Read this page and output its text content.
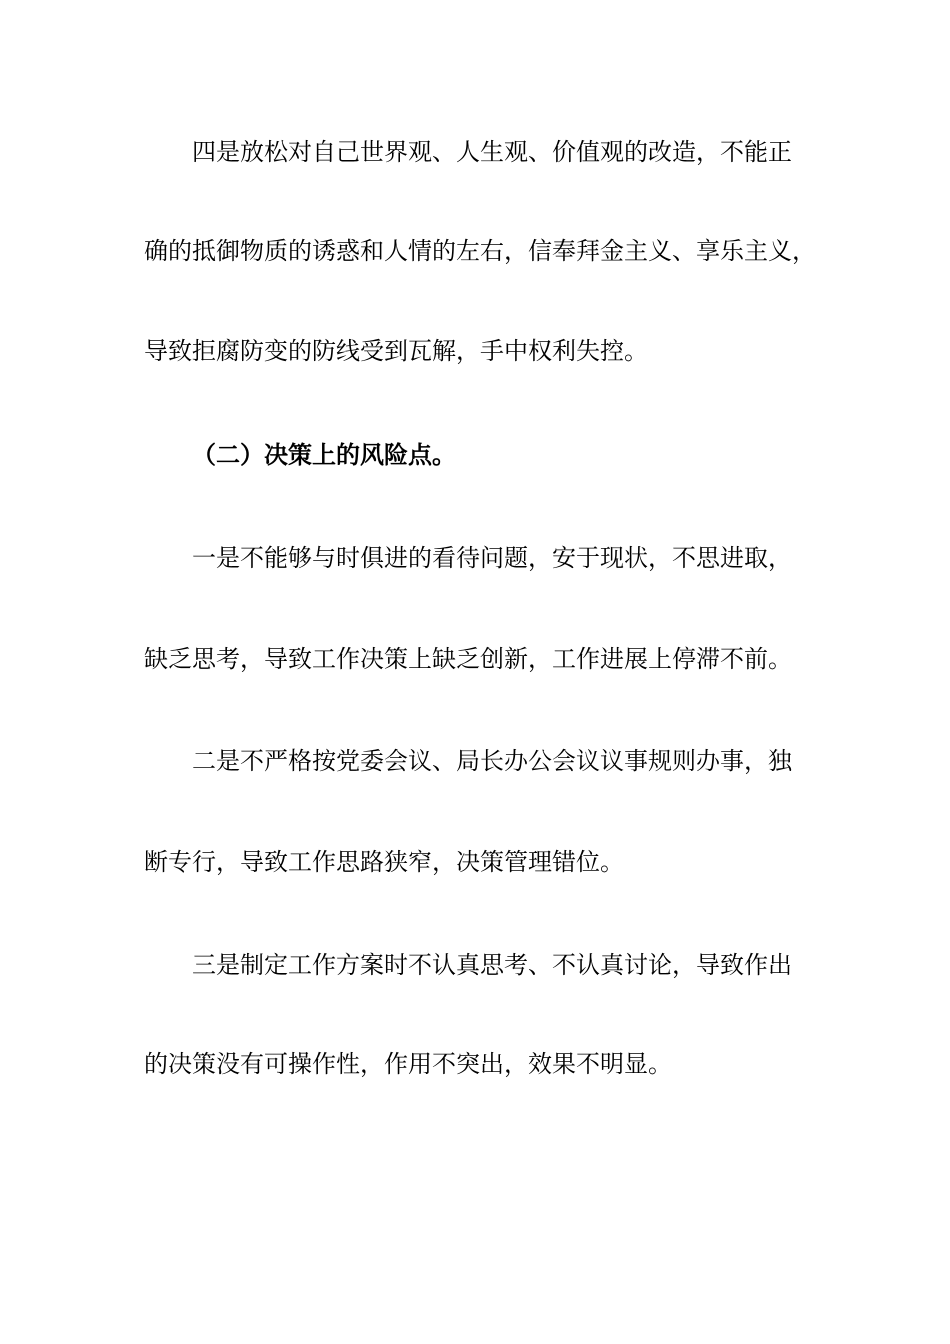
四是放松对自己世界观、人生观、价值观的改造，不能正
确的抵御物质的诱惑和人情的左右，信奉拜金主义、享乐主义，
导致拒腐防变的防线受到瓦解，手中权利失控。
（二）决策上的风险点。
一是不能够与时俱进的看待问题，安于现状，不思进取，
缺乏思考，导致工作决策上缺乏创新，工作进展上停滞不前。
二是不严格按党委会议、局长办公会议议事规则办事，独
断专行，导致工作思路狭窄，决策管理错位。
三是制定工作方案时不认真思考、不认真讨论，导致作出
的决策没有可操作性，作用不突出，效果不明显。
